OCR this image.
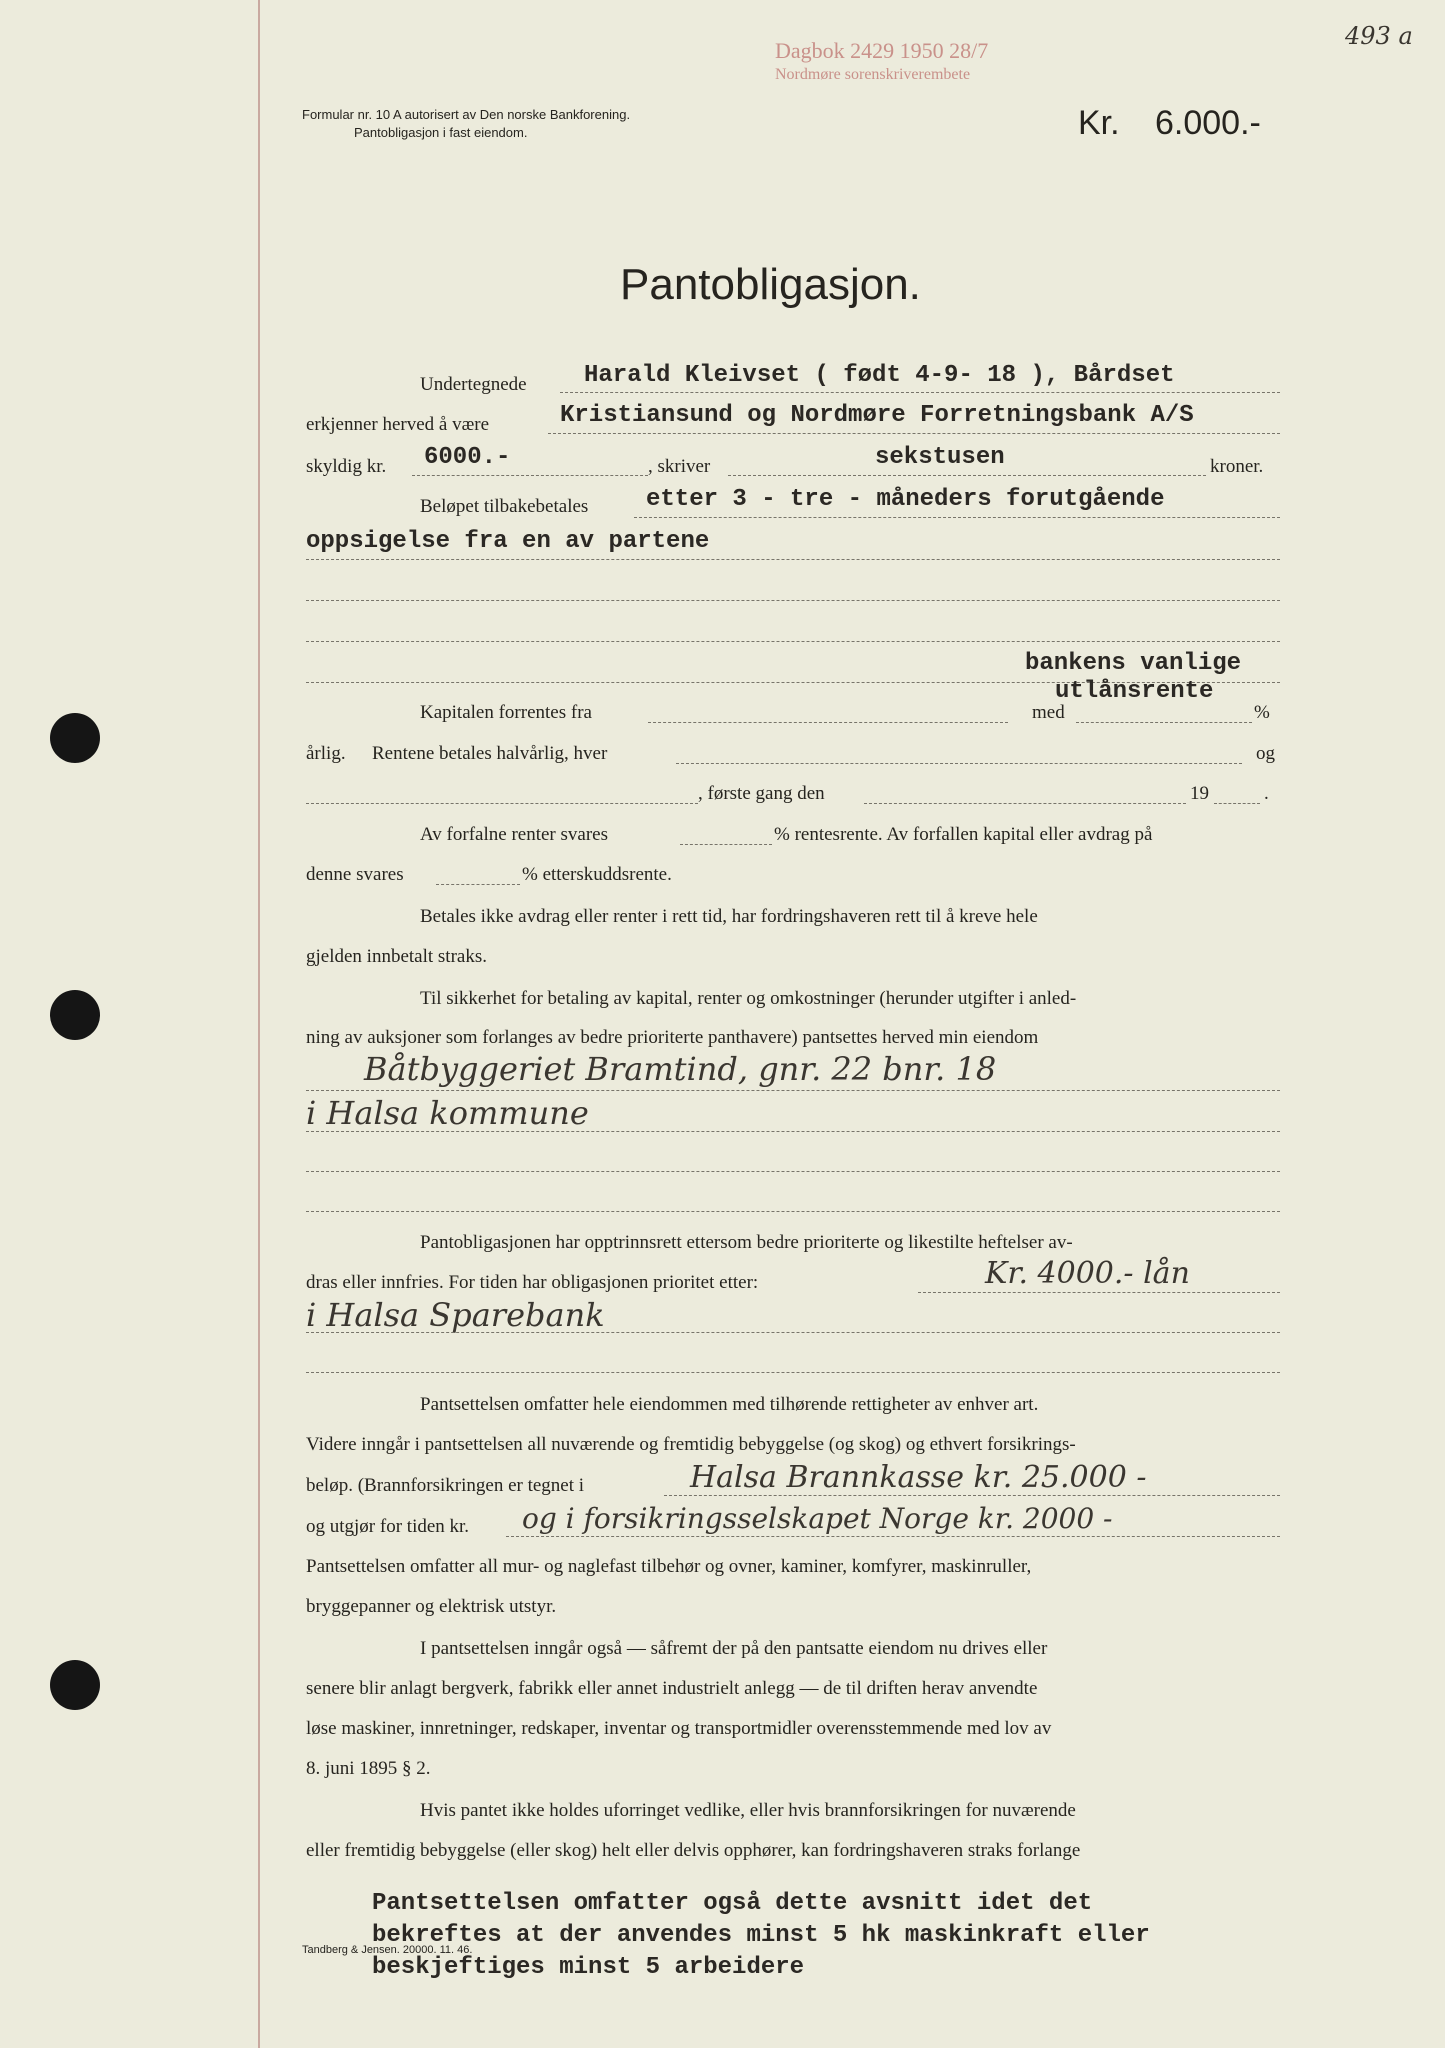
493 a
Dagbok 2429 1950 28/7
Nordmøre sorenskriverembete
Formular nr. 10 A autorisert av Den norske Bankforening.
Pantobligasjon i fast eiendom.	Kr. 6.000.-
Pantobligasjon.
Undertegnede Harald Kleivset ( født 4-9- 18 ), Bårdset
erkjenner herved å være	Kristiansund og Nordmøre Forretningsbank A/S
skyldig kr. 6000.-	, skriver	sekstusen	kroner.
Beløpet tilbakebetales etter 3 - tre - måneders forutgående
oppsigelse fra en av partene
bankens vanlige
utlånsrente
Kapitalen forrentes fra	med	%
årlig. Rentene betales halvårlig, hver	og
, første gang den	19	.
Av forfalne renter svares	% rentesrente. Av forfallen kapital eller avdrag på
denne svares	% etterskuddsrente.
Betales ikke avdrag eller renter i rett tid, har fordringshaveren rett til å kreve hele
gjelden innbetalt straks.
Til sikkerhet for betaling av kapital, renter og omkostninger (herunder utgifter i anled-
ning av auksjoner som forlanges av bedre prioriterte panthavere) pantsettes herved min eiendom
Båtbyggeriet Bramtind, gnr. 22 bnr. 18
i Halsa kommune
Pantobligasjonen har opptrinnsrett ettersom bedre prioriterte og likestilte heftelser av-
dras eller innfries. For tiden har obligasjonen prioritet etter:	Kr. 4000.- lån
i Halsa Sparebank
Pantsettelsen omfatter hele eiendommen med tilhørende rettigheter av enhver art.
Videre inngår i pantsettelsen all nuværende og fremtidig bebyggelse (og skog) og ethvert forsikrings-
beløp. (Brannforsikringen er tegnet i	Halsa Brannkasse kr. 25.000 -
og utgjør for tiden kr. og i forsikringsselskapet Norge kr. 2000 -
Pantsettelsen omfatter all mur- og naglefast tilbehør og ovner, kaminer, komfyrer, maskinruller,
bryggepanner og elektrisk utstyr.
I pantsettelsen inngår også — såfremt der på den pantsatte eiendom nu drives eller
senere blir anlagt bergverk, fabrikk eller annet industrielt anlegg — de til driften herav anvendte
løse maskiner, innretninger, redskaper, inventar og transportmidler overensstemmende med lov av
8. juni 1895 § 2.
Hvis pantet ikke holdes uforringet vedlike, eller hvis brannforsikringen for nuværende
eller fremtidig bebyggelse (eller skog) helt eller delvis opphører, kan fordringshaveren straks forlange
Pantsettelsen omfatter også dette avsnitt idet det
bekreftes at der anvendes minst 5 hk maskinkraft eller
beskjeftiges minst 5 arbeidere
Tandberg & Jensen. 20000. 11. 46.
